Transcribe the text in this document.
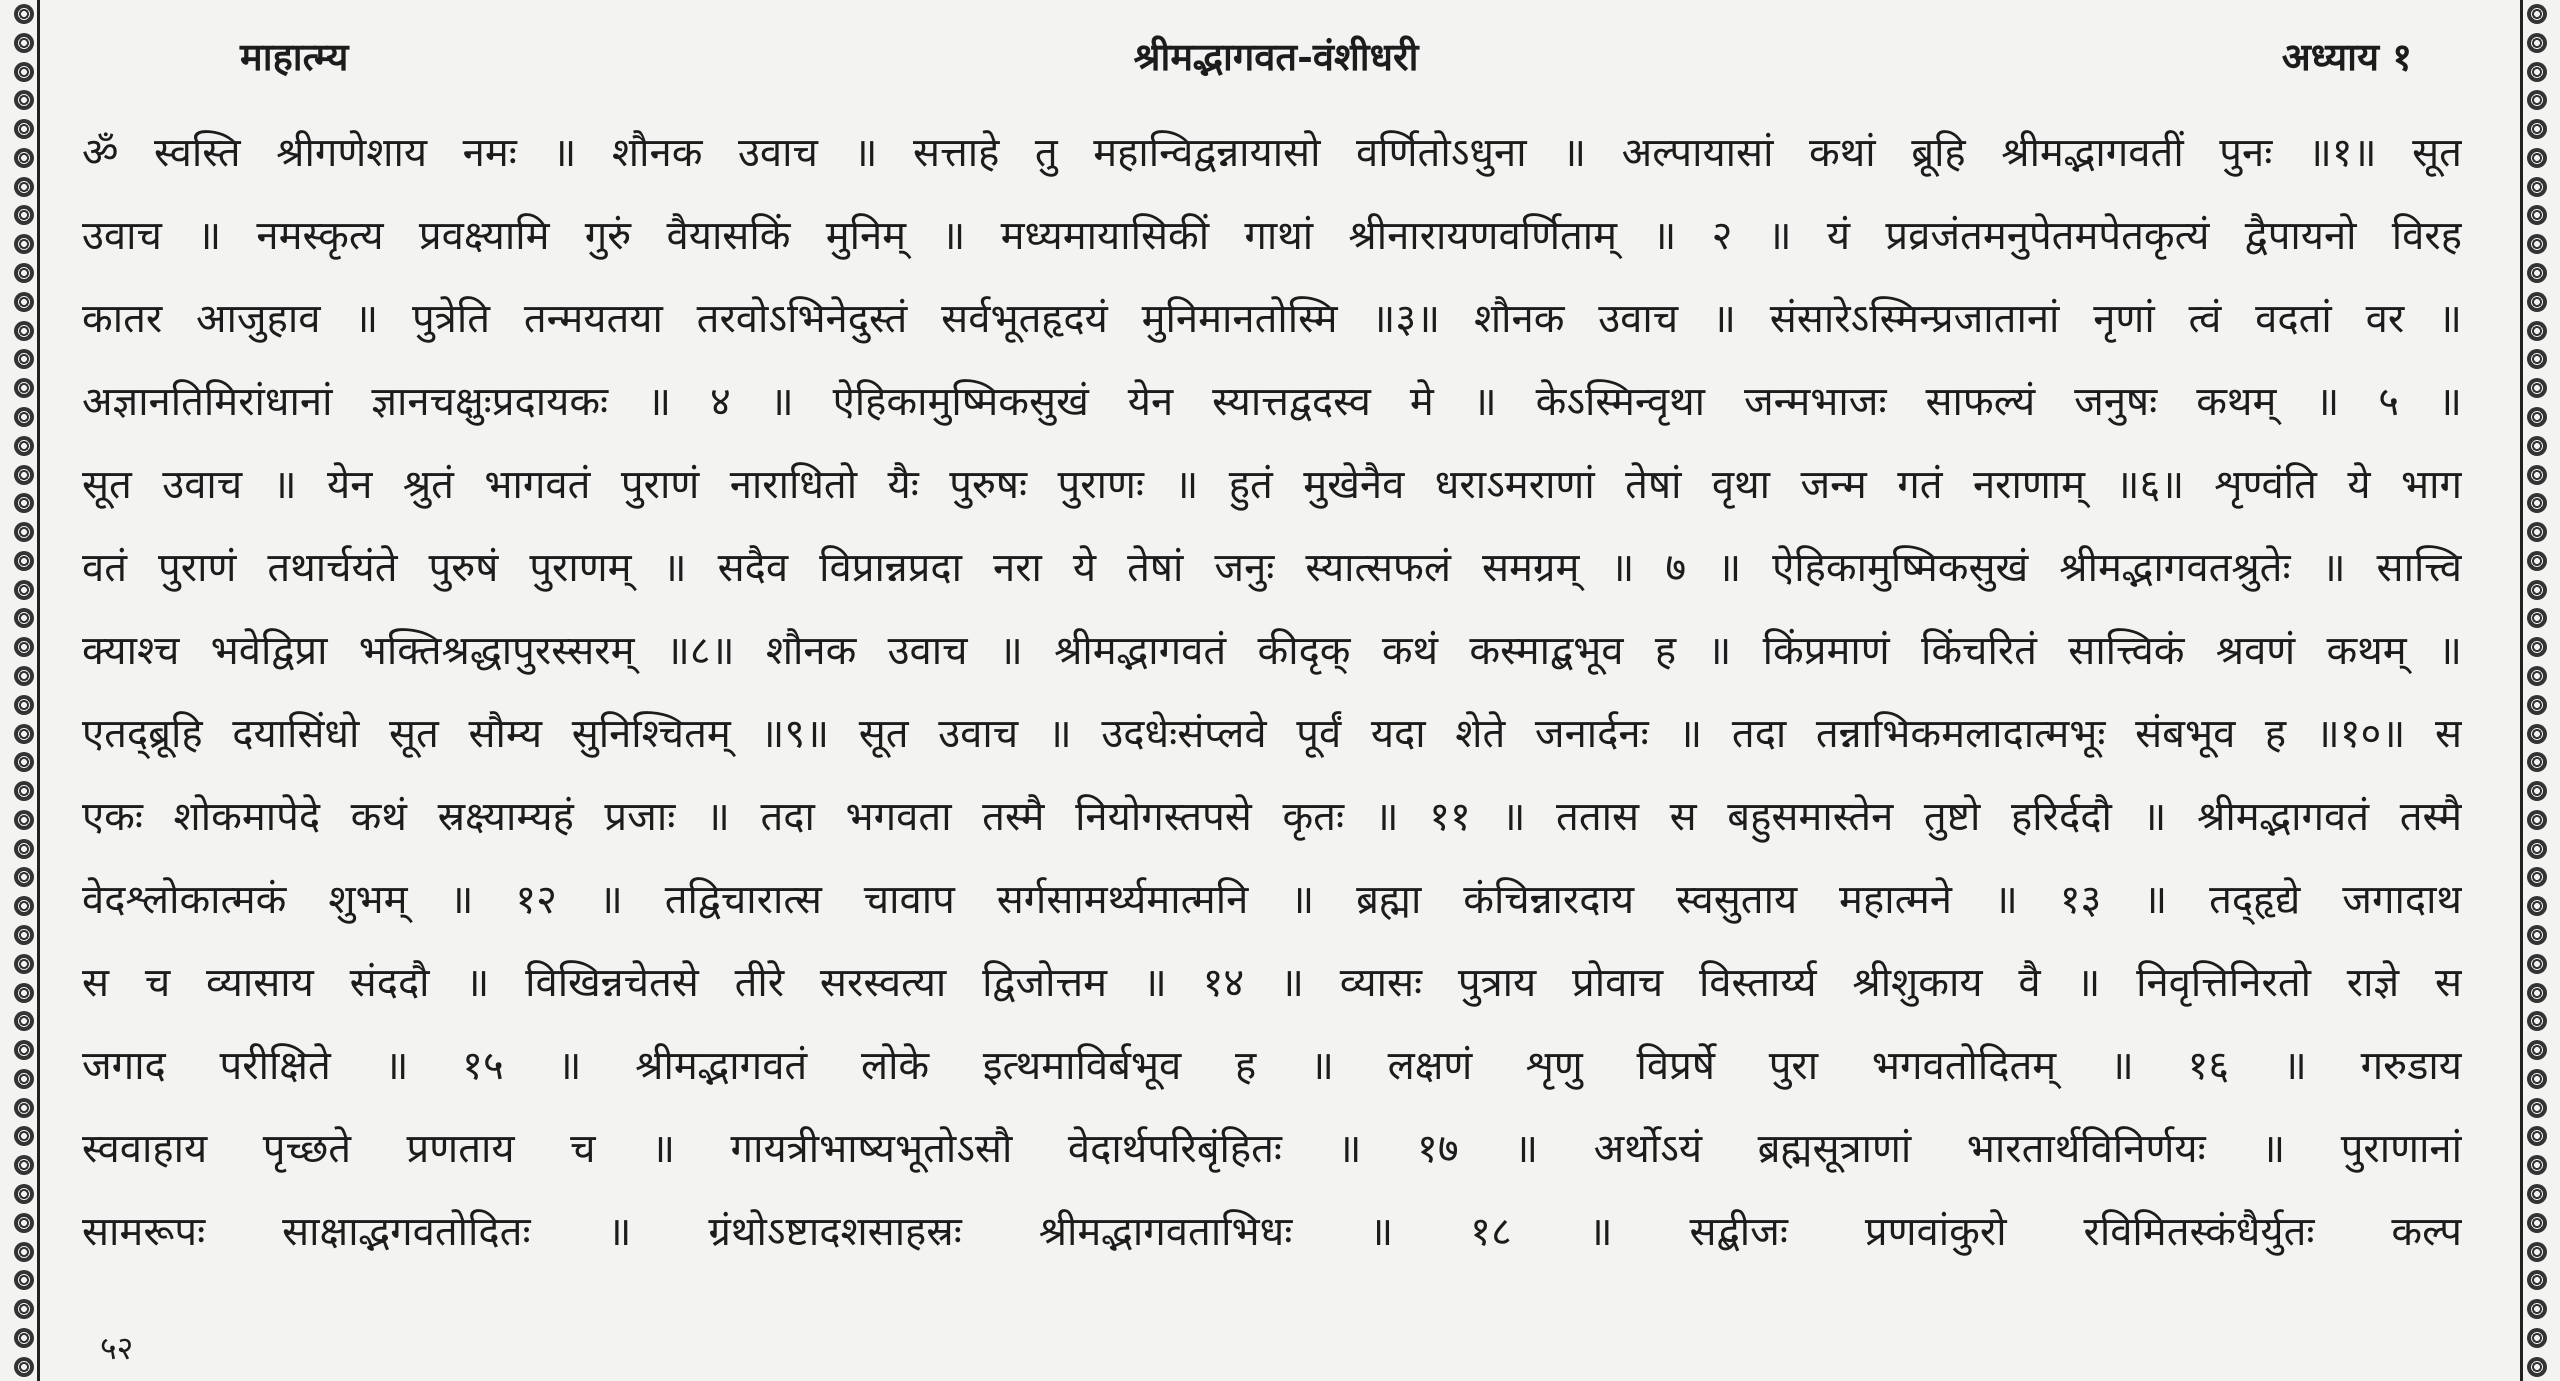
माहात्म्य	श्रीमद्भागवत-वंशीधरी	अध्याय १
ॐ स्वस्ति श्रीगणेशाय नमः ॥ शौनक उवाच ॥ सत्ताहे तु महान्विद्वन्नायासो वर्णितोऽधुना ॥ अल्पायासां कथां ब्रूहि श्रीमद्भागवतीं पुनः ॥१॥ सूत
उवाच ॥ नमस्कृत्य प्रवक्ष्यामि गुरुं वैयासकिं मुनिम् ॥ मध्यमायासिकीं गाथां श्रीनारायणवर्णिताम् ॥ २ ॥ यं प्रव्रजंतमनुपेतमपेतकृत्यं द्वैपायनो विरह
कातर आजुहाव ॥ पुत्रेति तन्मयतया तरवोऽभिनेदुस्तं सर्वभूतहृदयं मुनिमानतोस्मि ॥३॥ शौनक उवाच ॥ संसारेऽस्मिन्प्रजातानां नृणां त्वं वदतां वर ॥
अज्ञानतिमिरांधानां ज्ञानचक्षुःप्रदायकः ॥ ४ ॥ ऐहिकामुष्मिकसुखं येन स्यात्तद्वदस्व मे ॥ केऽस्मिन्वृथा जन्मभाजः साफल्यं जनुषः कथम् ॥ ५ ॥
सूत उवाच ॥ येन श्रुतं भागवतं पुराणं नाराधितो यैः पुरुषः पुराणः ॥ हुतं मुखेनैव धराऽमराणां तेषां वृथा जन्म गतं नराणाम् ॥६॥ शृण्वंति ये भाग
वतं पुराणं तथार्चयंते पुरुषं पुराणम् ॥ सदैव विप्रान्नप्रदा नरा ये तेषां जनुः स्यात्सफलं समग्रम् ॥ ७ ॥ ऐहिकामुष्मिकसुखं श्रीमद्भागवतश्रुतेः ॥ सात्त्वि
क्याश्च भवेद्विप्रा भक्तिश्रद्धापुरस्सरम् ॥८॥ शौनक उवाच ॥ श्रीमद्भागवतं कीदृक् कथं कस्माद्बभूव ह ॥ किंप्रमाणं किंचरितं सात्त्विकं श्रवणं कथम् ॥
एतद्ब्रूहि दयासिंधो सूत सौम्य सुनिश्चितम् ॥९॥ सूत उवाच ॥ उदधेःसंप्लवे पूर्वं यदा शेते जनार्दनः ॥ तदा तन्नाभिकमलादात्मभूः संबभूव ह ॥१०॥ स
एकः शोकमापेदे कथं स्रक्ष्याम्यहं प्रजाः ॥ तदा भगवता तस्मै नियोगस्तपसे कृतः ॥ ११ ॥ ततास स बहुसमास्तेन तुष्टो हरिर्ददौ ॥ श्रीमद्भागवतं तस्मै
वेदश्लोकात्मकं शुभम् ॥ १२ ॥ तद्विचारात्स चावाप सर्गसामर्थ्यमात्मनि ॥ ब्रह्मा कंचिन्नारदाय स्वसुताय महात्मने ॥ १३ ॥ तद्हृद्ये जगादाथ
स च व्यासाय संददौ ॥ विखिन्नचेतसे तीरे सरस्वत्या द्विजोत्तम ॥ १४ ॥ व्यासः पुत्राय प्रोवाच विस्तार्य्य श्रीशुकाय वै ॥ निवृत्तिनिरतो राज्ञे स
जगाद परीक्षिते ॥ १५ ॥ श्रीमद्भागवतं लोके इत्थमाविर्बभूव ह ॥ लक्षणं शृणु विप्रर्षे पुरा भगवतोदितम् ॥ १६ ॥ गरुडाय
स्ववाहाय पृच्छते प्रणताय च ॥ गायत्रीभाष्यभूतोऽसौ वेदार्थपरिबृंहितः ॥ १७ ॥ अर्थोऽयं ब्रह्मसूत्राणां भारतार्थविनिर्णयः ॥ पुराणानां
सामरूपः साक्षाद्भगवतोदितः ॥ ग्रंथोऽष्टादशसाहस्रः श्रीमद्भागवताभिधः ॥ १८ ॥ सद्बीजः प्रणवांकुरो रविमितस्कंधैर्युतः कल्प
५२
